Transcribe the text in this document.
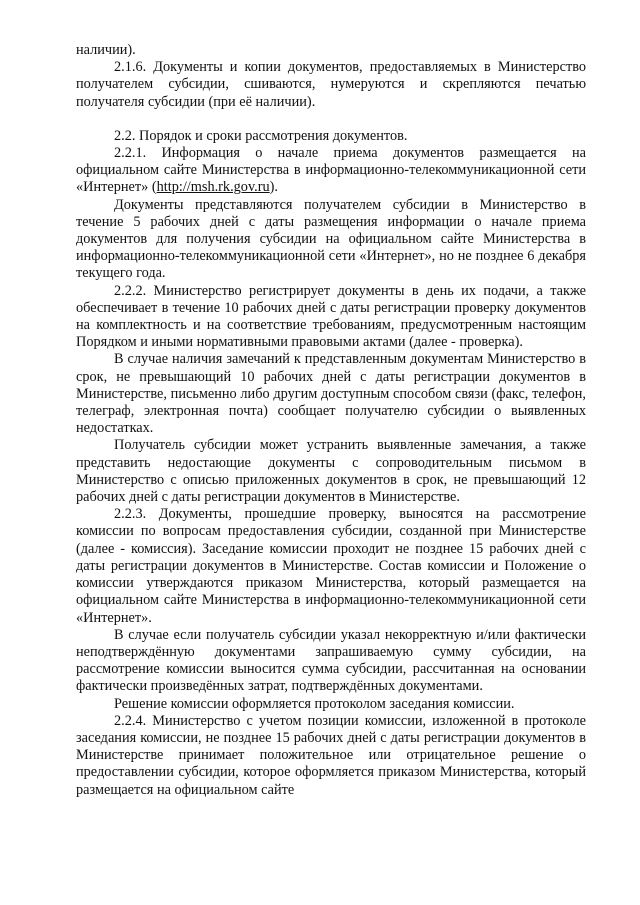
наличии).

2.1.6. Документы и копии документов, предоставляемых в Министерство получателем субсидии, сшиваются, нумеруются и скрепляются печатью получателя субсидии (при её наличии).

2.2. Порядок и сроки рассмотрения документов.

2.2.1. Информация о начале приема документов размещается на официальном сайте Министерства в информационно-телекоммуникационной сети «Интернет» (http://msh.rk.gov.ru).

Документы представляются получателем субсидии в Министерство в течение 5 рабочих дней с даты размещения информации о начале приема документов для получения субсидии на официальном сайте Министерства в информационно-телекоммуникационной сети «Интернет», но не позднее 6 декабря текущего года.

2.2.2. Министерство регистрирует документы в день их подачи, а также обеспечивает в течение 10 рабочих дней с даты регистрации проверку документов на комплектность и на соответствие требованиям, предусмотренным настоящим Порядком и иными нормативными правовыми актами (далее - проверка).

В случае наличия замечаний к представленным документам Министерство в срок, не превышающий 10 рабочих дней с даты регистрации документов в Министерстве, письменно либо другим доступным способом связи (факс, телефон, телеграф, электронная почта) сообщает получателю субсидии о выявленных недостатках.

Получатель субсидии может устранить выявленные замечания, а также представить недостающие документы с сопроводительным письмом в Министерство с описью приложенных документов в срок, не превышающий 12 рабочих дней с даты регистрации документов в Министерстве.

2.2.3. Документы, прошедшие проверку, выносятся на рассмотрение комиссии по вопросам предоставления субсидии, созданной при Министерстве (далее - комиссия). Заседание комиссии проходит не позднее 15 рабочих дней с даты регистрации документов в Министерстве. Состав комиссии и Положение о комиссии утверждаются приказом Министерства, который размещается на официальном сайте Министерства в информационно-телекоммуникационной сети «Интернет».

В случае если получатель субсидии указал некорректную и/или фактически неподтверждённую документами запрашиваемую сумму субсидии, на рассмотрение комиссии выносится сумма субсидии, рассчитанная на основании фактически произведённых затрат, подтверждённых документами.

Решение комиссии оформляется протоколом заседания комиссии.

2.2.4. Министерство с учетом позиции комиссии, изложенной в протоколе заседания комиссии, не позднее 15 рабочих дней с даты регистрации документов в Министерстве принимает положительное или отрицательное решение о предоставлении субсидии, которое оформляется приказом Министерства, который размещается на официальном сайте
